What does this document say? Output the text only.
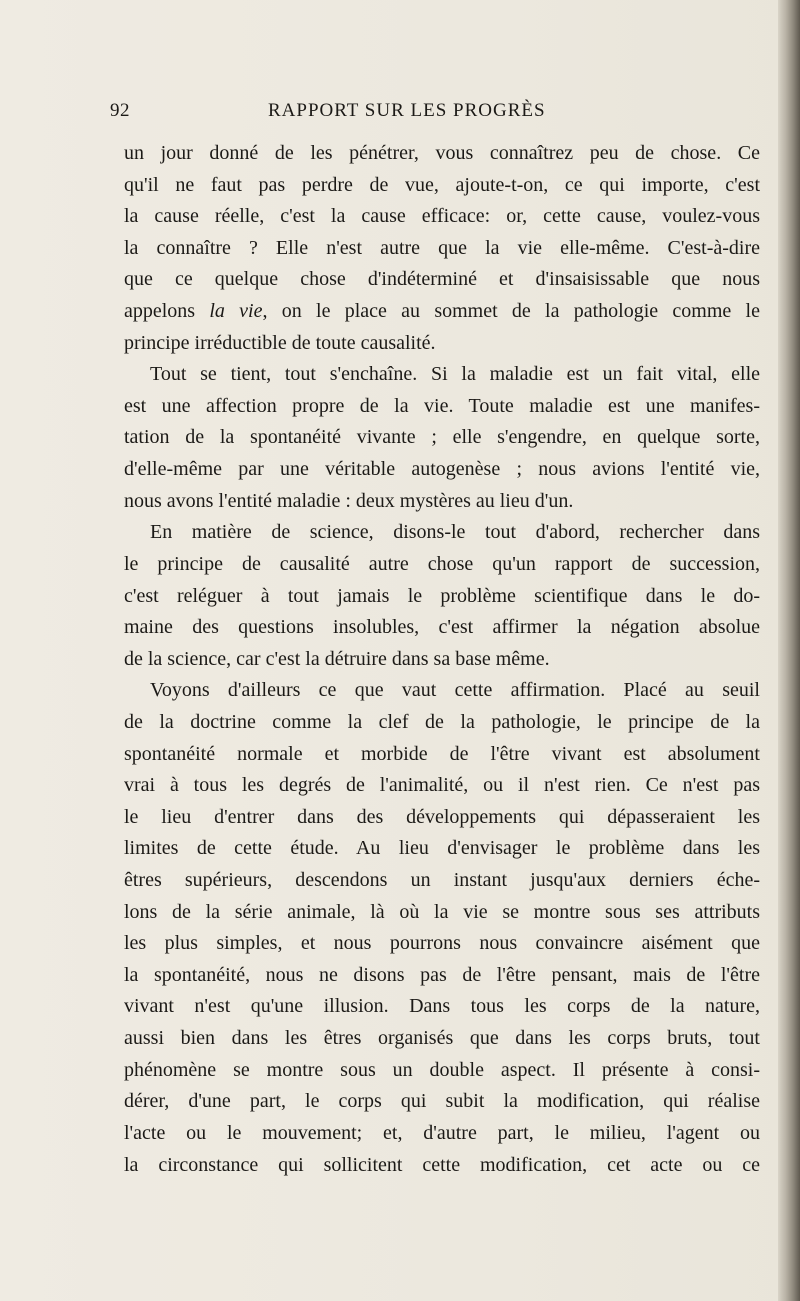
92	RAPPORT SUR LES PROGRÈS
un jour donné de les pénétrer, vous connaîtrez peu de chose. Ce
qu'il ne faut pas perdre de vue, ajoute-t-on, ce qui importe, c'est
la cause réelle, c'est la cause efficace: or, cette cause, voulez-vous
la connaître ? Elle n'est autre que la vie elle-même. C'est-à-dire
que ce quelque chose d'indéterminé et d'insaisissable que nous
appelons la vie, on le place au sommet de la pathologie comme le
principe irréductible de toute causalité.
Tout se tient, tout s'enchaîne. Si la maladie est un fait vital, elle
est une affection propre de la vie. Toute maladie est une manifes-
tation de la spontanéité vivante ; elle s'engendre, en quelque sorte,
d'elle-même par une véritable autogenèse ; nous avions l'entité vie,
nous avons l'entité maladie : deux mystères au lieu d'un.
En matière de science, disons-le tout d'abord, rechercher dans
le principe de causalité autre chose qu'un rapport de succession,
c'est reléguer à tout jamais le problème scientifique dans le do-
maine des questions insolubles, c'est affirmer la négation absolue
de la science, car c'est la détruire dans sa base même.
Voyons d'ailleurs ce que vaut cette affirmation. Placé au seuil
de la doctrine comme la clef de la pathologie, le principe de la
spontanéité normale et morbide de l'être vivant est absolument
vrai à tous les degrés de l'animalité, ou il n'est rien. Ce n'est pas
le lieu d'entrer dans des développements qui dépasseraient les
limites de cette étude. Au lieu d'envisager le problème dans les
êtres supérieurs, descendons un instant jusqu'aux derniers éche-
lons de la série animale, là où la vie se montre sous ses attributs
les plus simples, et nous pourrons nous convaincre aisément que
la spontanéité, nous ne disons pas de l'être pensant, mais de l'être
vivant n'est qu'une illusion. Dans tous les corps de la nature,
aussi bien dans les êtres organisés que dans les corps bruts, tout
phénomène se montre sous un double aspect. Il présente à consi-
dérer, d'une part, le corps qui subit la modification, qui réalise
l'acte ou le mouvement; et, d'autre part, le milieu, l'agent ou
la circonstance qui sollicitent cette modification, cet acte ou ce
